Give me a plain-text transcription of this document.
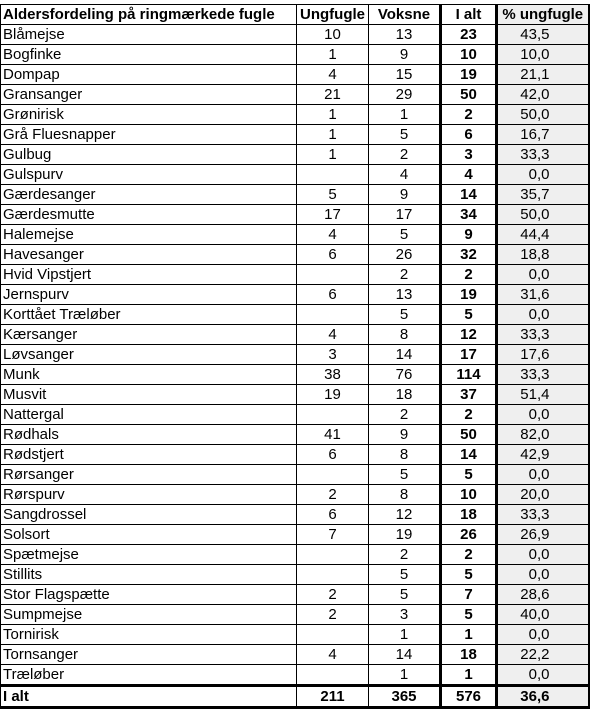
Aldersfordeling på ringmærkede fugle	Ungfugle	Voksne	I alt	% ungfugle
Blåmejse	10	13	23	43,5
Bogfinke	1	9	10	10,0
Dompap	4	15	19	21,1
Gransanger	21	29	50	42,0
Grønirisk	1	1	2	50,0
Grå Fluesnapper	1	5	6	16,7
Gulbug	1	2	3	33,3
Gulspurv		4	4	0,0
Gærdesanger	5	9	14	35,7
Gærdesmutte	17	17	34	50,0
Halemejse	4	5	9	44,4
Havesanger	6	26	32	18,8
Hvid Vipstjert		2	2	0,0
Jernspurv	6	13	19	31,6
Korttået Træløber		5	5	0,0
Kærsanger	4	8	12	33,3
Løvsanger	3	14	17	17,6
Munk	38	76	114	33,3
Musvit	19	18	37	51,4
Nattergal		2	2	0,0
Rødhals	41	9	50	82,0
Rødstjert	6	8	14	42,9
Rørsanger		5	5	0,0
Rørspurv	2	8	10	20,0
Sangdrossel	6	12	18	33,3
Solsort	7	19	26	26,9
Spætmejse		2	2	0,0
Stillits		5	5	0,0
Stor Flagspætte	2	5	7	28,6
Sumpmejse	2	3	5	40,0
Tornirisk		1	1	0,0
Tornsanger	4	14	18	22,2
Træløber		1	1	0,0
I alt	211	365	576	36,6
